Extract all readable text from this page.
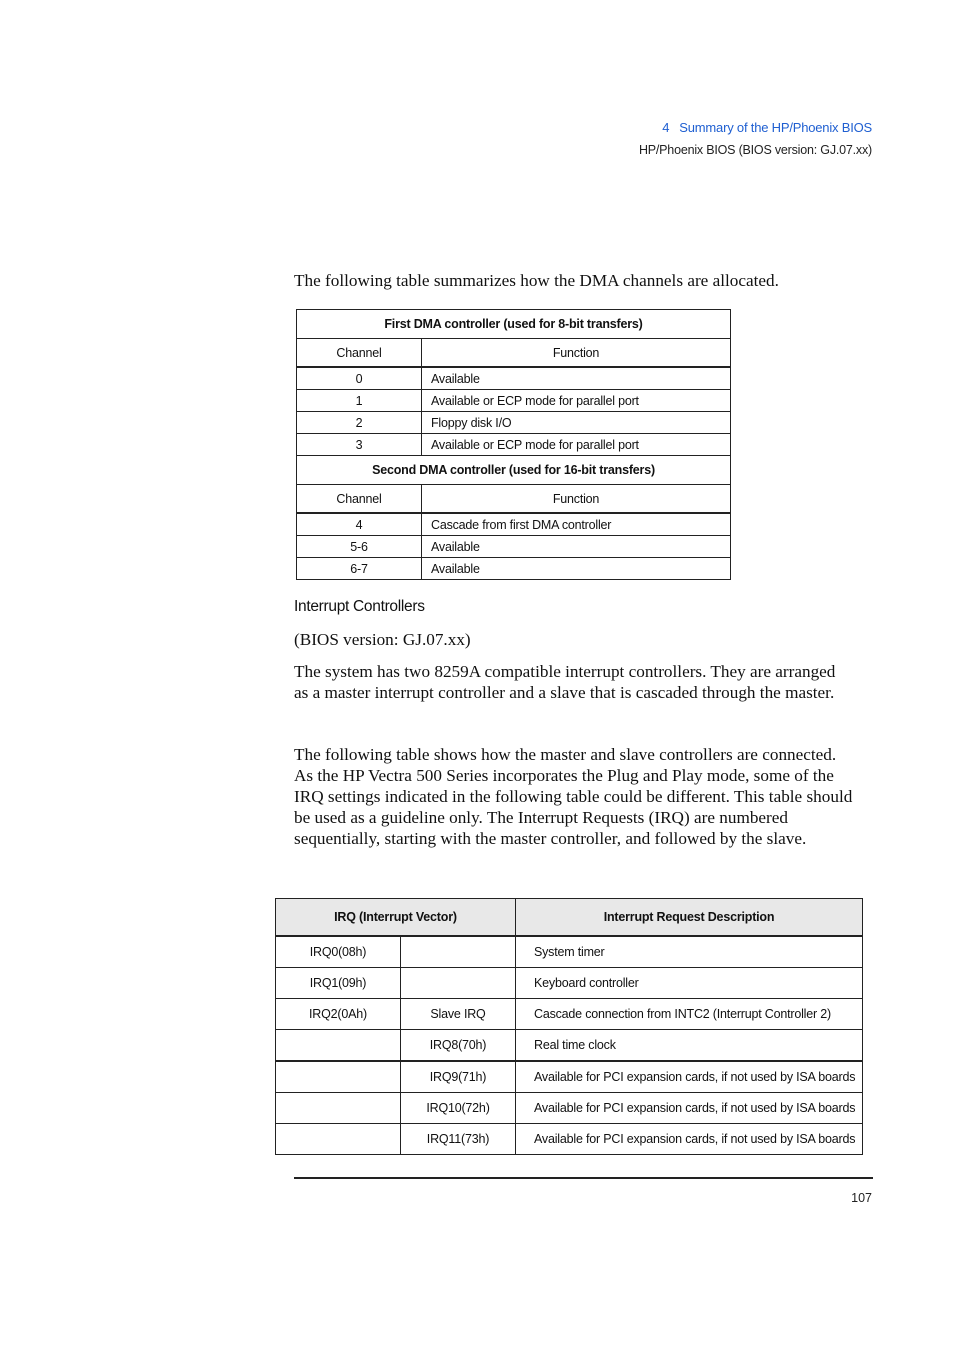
4 Summary of the HP/Phoenix BIOS
HP/Phoenix BIOS (BIOS version: GJ.07.xx)
The following table summarizes how the DMA channels are allocated.
First DMA controller (used for 8-bit transfers)	
Channel	Function
0	Available
1	Available or ECP mode for parallel port
2	Floppy disk I/O
3	Available or ECP mode for parallel port
Second DMA controller (used for 16-bit transfers)	
Channel	Function
4	Cascade from first DMA controller
5-6	Available
6-7	Available
Interrupt Controllers
(BIOS version: GJ.07.xx)
The system has two 8259A compatible interrupt controllers. They are arranged as a master interrupt controller and a slave that is cascaded through the master.
The following table shows how the master and slave controllers are connected. As the HP Vectra 500 Series incorporates the Plug and Play mode, some of the IRQ settings indicated in the following table could be different. This table should be used as a guideline only. The Interrupt Requests (IRQ) are numbered sequentially, starting with the master controller, and followed by the slave.
IRQ (Interrupt Vector)		Interrupt Request Description
IRQ0(08h)		System timer
IRQ1(09h)		Keyboard controller
IRQ2(0Ah)	Slave IRQ	Cascade connection from INTC2 (Interrupt Controller 2)
	IRQ8(70h)	Real time clock
	IRQ9(71h)	Available for PCI expansion cards, if not used by ISA boards
	IRQ10(72h)	Available for PCI expansion cards, if not used by ISA boards
	IRQ11(73h)	Available for PCI expansion cards, if not used by ISA boards
107
